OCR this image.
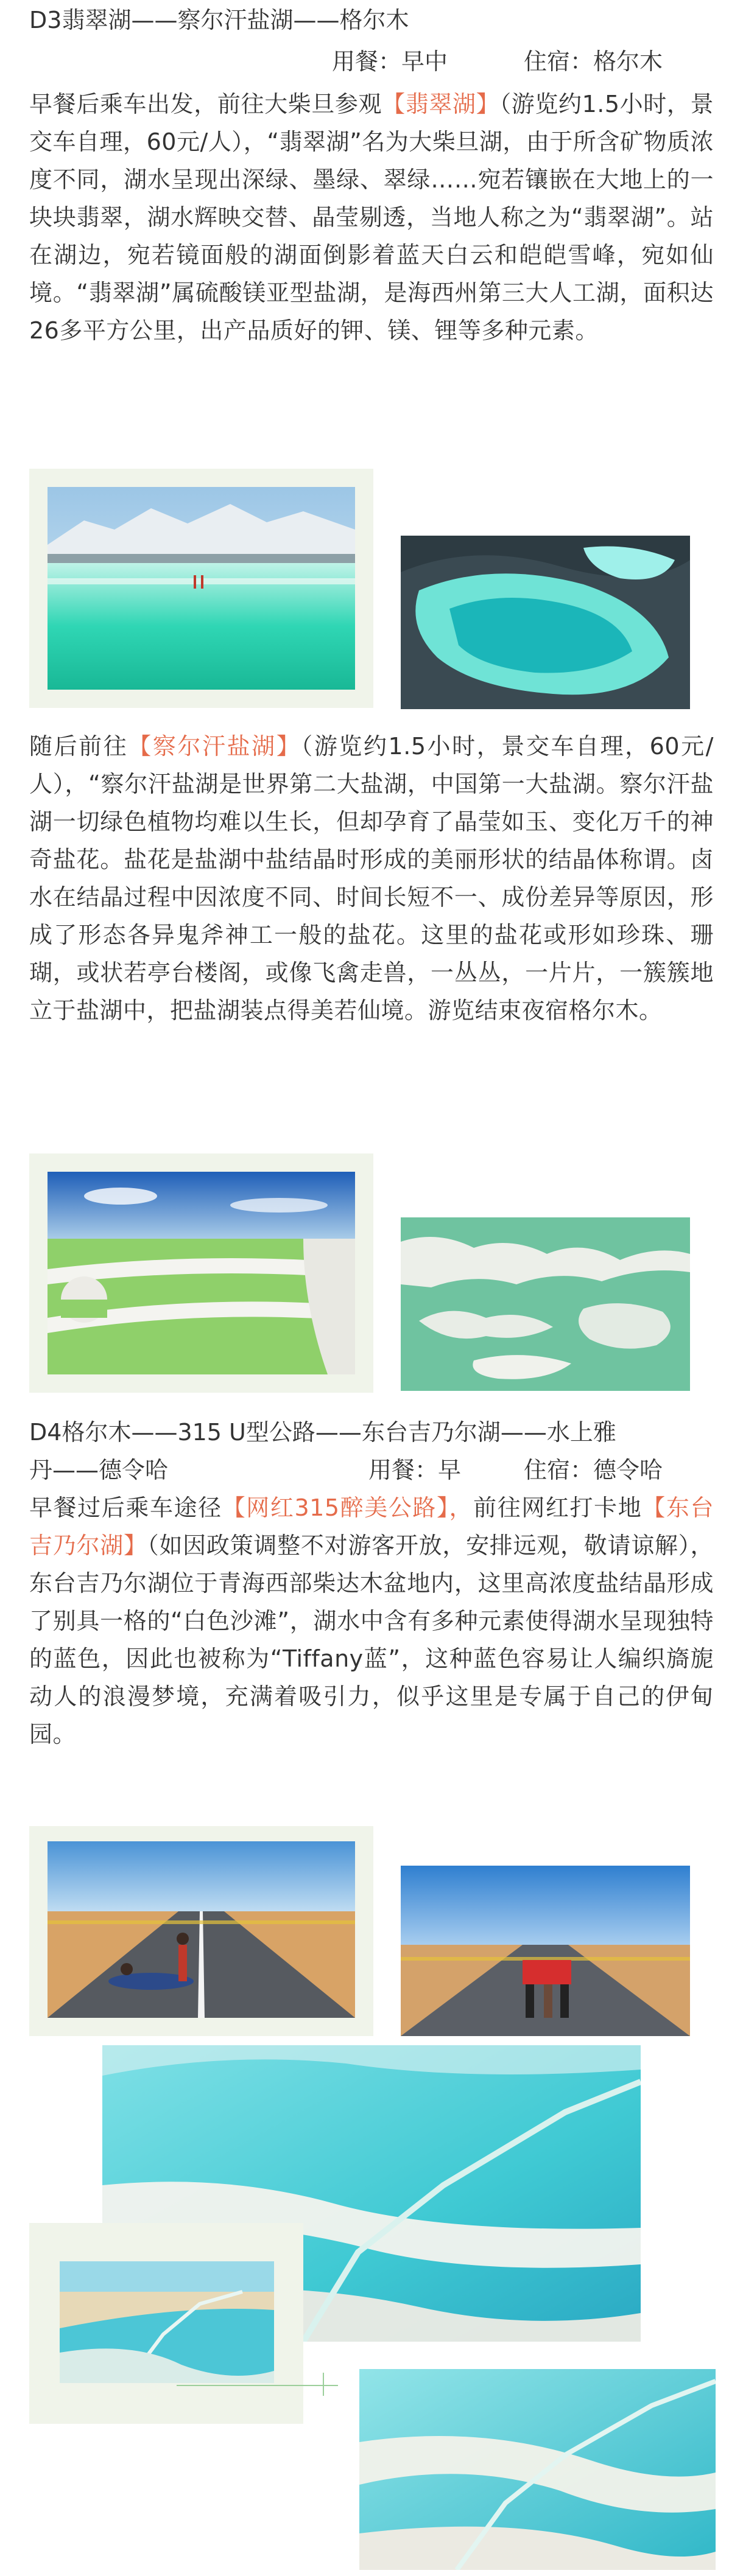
D3翡翠湖——察尔汗盐湖——格尔木
用餐：早中	住宿：格尔木

早餐后乘车出发，前往大柴旦参观【翡翠湖】（游览约1.5小时，景交车自理，60元/人），“翡翠湖”名为大柴旦湖，由于所含矿物质浓度不同，湖水呈现出深绿、墨绿、翠绿……宛若镶嵌在大地上的一块块翡翠，湖水辉映交替、晶莹剔透，当地人称之为“翡翠湖”。站在湖边，宛若镜面般的湖面倒影着蓝天白云和皑皑雪峰，宛如仙境。“翡翠湖”属硫酸镁亚型盐湖，是海西州第三大人工湖，面积达26多平方公里，出产品质好的钾、镁、锂等多种元素。

随后前往【察尔汗盐湖】（游览约1.5小时，景交车自理，60元/人），“察尔汗盐湖是世界第二大盐湖，中国第一大盐湖。察尔汗盐湖一切绿色植物均难以生长，但却孕育了晶莹如玉、变化万千的神奇盐花。盐花是盐湖中盐结晶时形成的美丽形状的结晶体称谓。卤水在结晶过程中因浓度不同、时间长短不一、成份差异等原因，形成了形态各异鬼斧神工一般的盐花。这里的盐花或形如珍珠、珊瑚，或状若亭台楼阁，或像飞禽走兽，一丛丛，一片片，一簇簇地立于盐湖中，把盐湖装点得美若仙境。游览结束夜宿格尔木。

D4格尔木——315 U型公路——东台吉乃尔湖——水上雅
丹——德令哈	用餐：早	住宿：德令哈

早餐过后乘车途径【网红315醉美公路】，前往网红打卡地【东台吉乃尔湖】（如因政策调整不对游客开放，安排远观，敬请谅解），东台吉乃尔湖位于青海西部柴达木盆地内，这里高浓度盐结晶形成了别具一格的“白色沙滩”，湖水中含有多种元素使得湖水呈现独特的蓝色，因此也被称为“Tiffany蓝”，这种蓝色容易让人编织旖旎动人的浪漫梦境，充满着吸引力，似乎这里是专属于自己的伊甸园。
